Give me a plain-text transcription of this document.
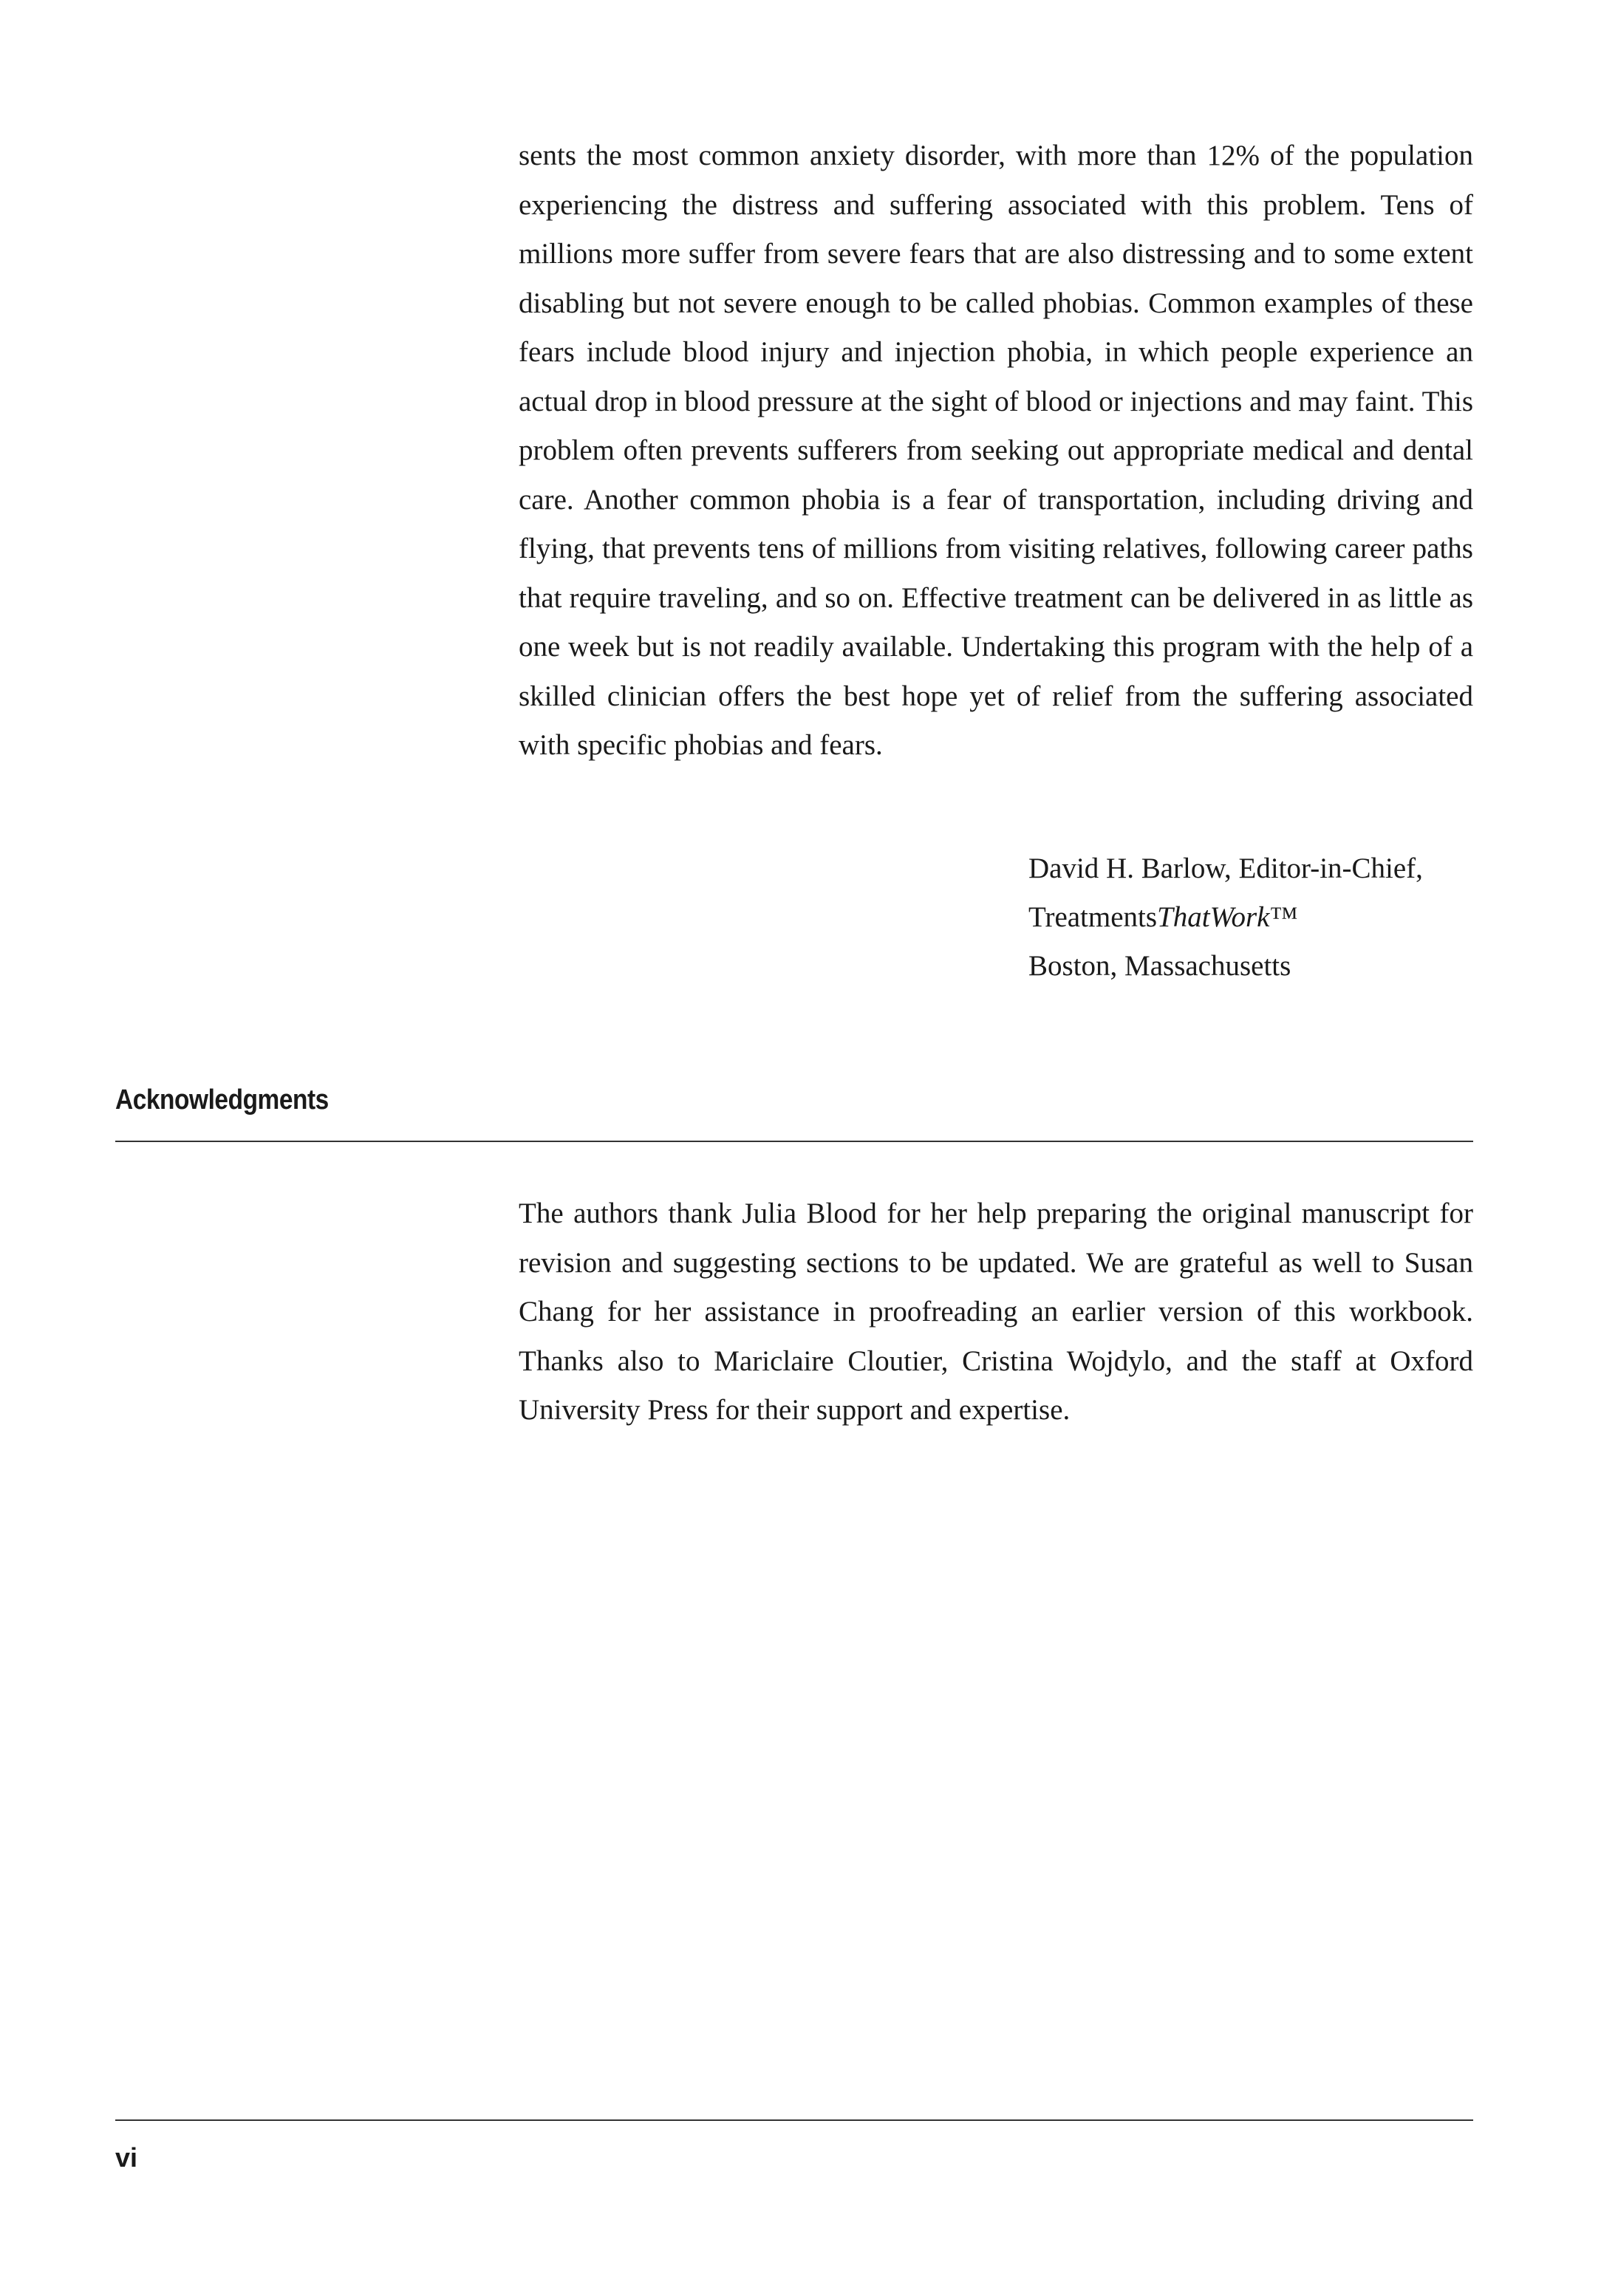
sents the most common anxiety disorder, with more than 12% of the population experiencing the distress and suffering associated with this problem. Tens of millions more suffer from severe fears that are also distressing and to some extent disabling but not severe enough to be called phobias. Common examples of these fears include blood injury and injection phobia, in which people experience an actual drop in blood pressure at the sight of blood or injections and may faint. This problem often prevents sufferers from seeking out appropriate medical and dental care. Another common phobia is a fear of transportation, including driving and flying, that prevents tens of millions from visiting relatives, following career paths that require traveling, and so on. Effective treatment can be delivered in as little as one week but is not readily available. Undertaking this program with the help of a skilled clinician offers the best hope yet of relief from the suffering associated with specific phobias and fears.

David H. Barlow, Editor-in-Chief,
TreatmentsThatWork™
Boston, Massachusetts
Acknowledgments

The authors thank Julia Blood for her help preparing the original manuscript for revision and suggesting sections to be updated. We are grateful as well to Susan Chang for her assistance in proofreading an earlier version of this workbook. Thanks also to Mariclaire Cloutier, Cristina Wojdylo, and the staff at Oxford University Press for their support and expertise.

vi
